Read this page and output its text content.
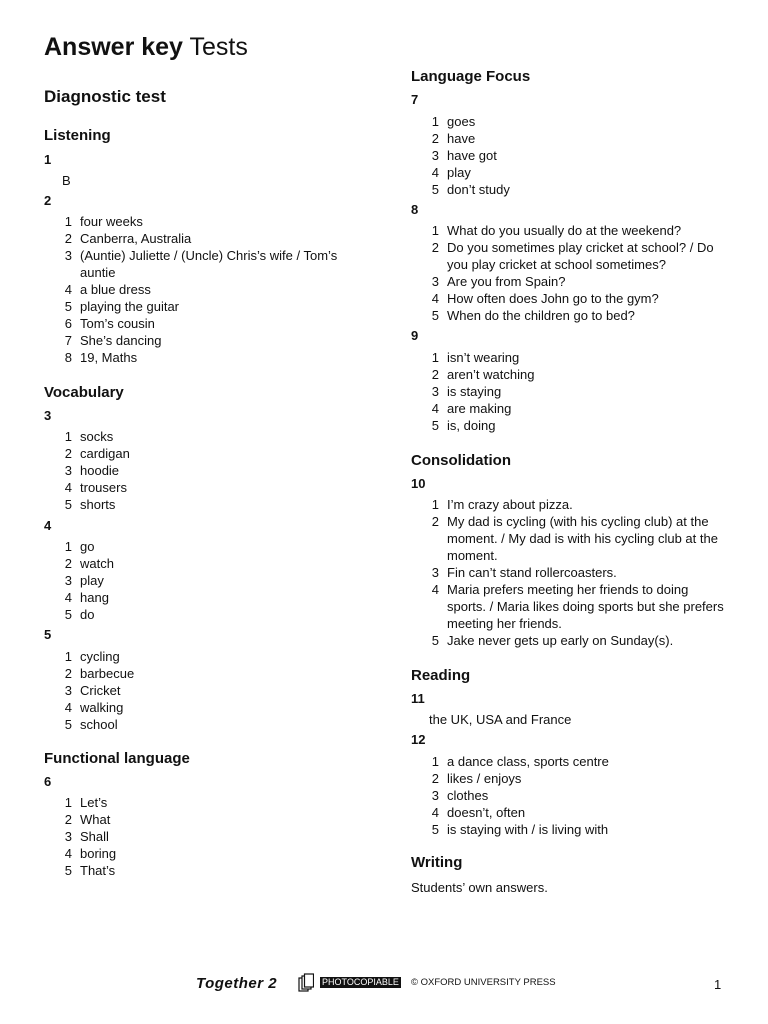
Answer key Tests
Diagnostic test
Listening
1
B
2
1 four weeks
2 Canberra, Australia
3 (Auntie) Juliette / (Uncle) Chris’s wife / Tom’s
auntie
4 a blue dress
5 playing the guitar
6 Tom’s cousin
7 She’s dancing
8 19, Maths
Vocabulary
3
1 socks
2 cardigan
3 hoodie
4 trousers
5 shorts
4
1 go
2 watch
3 play
4 hang
5 do
5
1 cycling
2 barbecue
3 Cricket
4 walking
5 school
Functional language
6
1 Let’s
2 What
3 Shall
4 boring
5 That’s
Language Focus
7
1 goes
2 have
3 have got
4 play
5 don’t study
8
1 What do you usually do at the weekend?
2 Do you sometimes play cricket at school? / Do
you play cricket at school sometimes?
3 Are you from Spain?
4 How often does John go to the gym?
5 When do the children go to bed?
9
1 isn’t wearing
2 aren’t watching
3 is staying
4 are making
5 is, doing
Consolidation
10
1 I’m crazy about pizza.
2 My dad is cycling (with his cycling club) at the
moment. / My dad is with his cycling club at the
moment.
3 Fin can’t stand rollercoasters.
4 Maria prefers meeting her friends to doing
sports. / Maria likes doing sports but she prefers
meeting her friends.
5 Jake never gets up early on Sunday(s).
Reading
11
the UK, USA and France
12
1 a dance class, sports centre
2 likes / enjoys
3 clothes
4 doesn’t, often
5 is staying with / is living with
Writing
Students’ own answers.
Together 2	PHOTOCOPIABLE © OXFORD UNIVERSITY PRESS	1
